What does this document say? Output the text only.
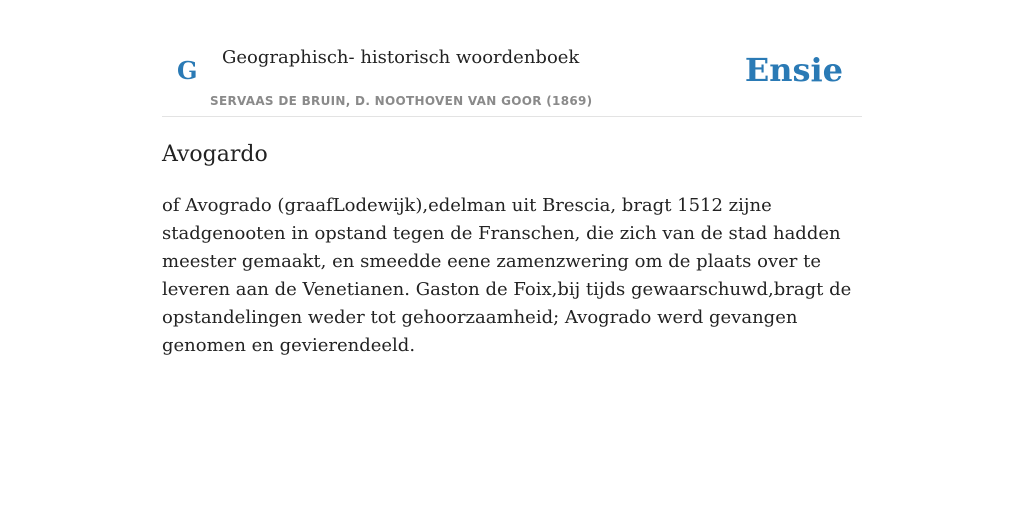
G Geographisch- historisch woordenboek
SERVAAS DE BRUIN, D. NOOTHOVEN VAN GOOR (1869)
Ensie
Avogardo

of Avogrado (graafLodewijk),edelman uit Brescia, bragt 1512 zijne stadgenooten in opstand tegen de Franschen, die zich van de stad hadden meester gemaakt, en smeedde eene zamenzwering om de plaats over te leveren aan de Venetianen. Gaston de Foix,bij tijds gewaarschuwd,bragt de opstandelingen weder tot gehoorzaamheid; Avogrado werd gevangen genomen en gevierendeeld.
